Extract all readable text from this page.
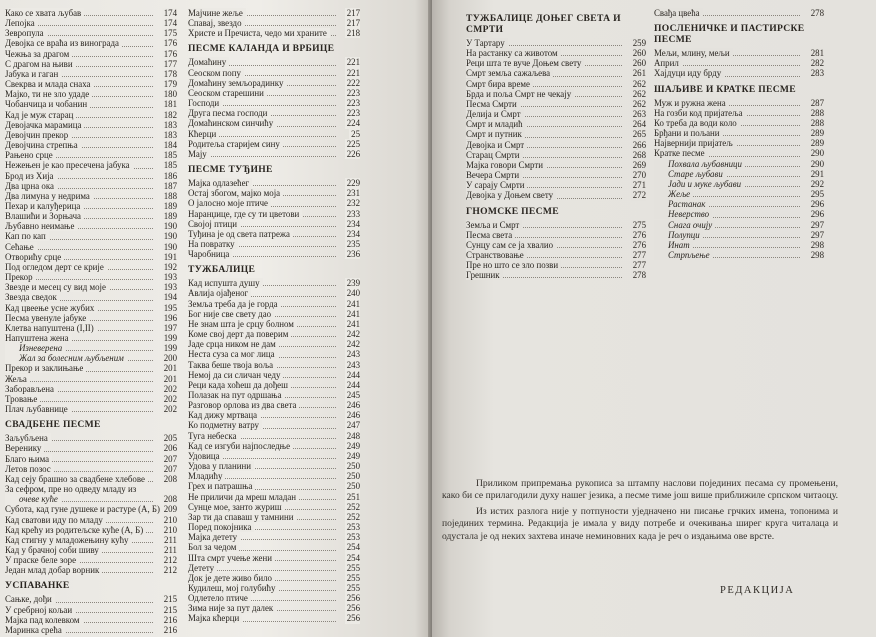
Како се хвата љубав	174
Лепојка	174
Зевропула	175
Девојка се враћа из винограда	176
Чежња за драгом	176
С драгом на њиви	177
Јабука и гаган	178
Свекрва и млада снаха	179
Мајко, ти не зло удаде	180
Чобанчица и чобанин	181
Кад је муж старац	182
Девојачка марамица	183
Девојчин прекор	183
Девојчина стрепња	184
Рањено срце	185
Нежењен је као пресечена јабука	185
Брод из Хија	186
Два црна ока	187
Два лимуна у недрима	188
Пехар и калуђерица	189
Влашићи и Зорњача	189
Љубавно неимање	190
Кап по кап	190
Сећање	190
Отворићу срце	191
Под огледом дерт се крије	192
Прекор	193
Звезде и месец су вид моје	193
Звезда сведок	194
Кад цвеење усне жубих	195
Песма увенуле јабуке	196
Клетва напуштена (I,II)	197
Напуштена жена	199
Изневерена	199
Жал за болесним љубљеним	200
Прекор и заклињање	201
Жеља	201
Заборављена	202
Тровање	202
Плач љубавнице	202
СВАДБЕНЕ ПЕСМЕ
Заљубљена	205
Веренику	206
Благо њима	207
Летов позос	207
Кад сеју брашно за свадбене хлебове 208
За сефром, пре но одведу младу из
очеве куће	208
Субота, кад гуне душеке и растуре (А, Б) 209
Кад сватови иду по младу	210
Кад крећу из родитељске куће (А, Б) 210
Кад стигну у младожењину кућу	211
Кад у брачној соби шиву	211
У праске беле зоре	212
Један млад добар ворник	212
УСПАВАНКЕ
Сањке, дођи	215
У сребрној кољаи	215
Мајка пад колевком	216
Маринка срећа	216
Мајчине жеље	217
Спавај, звездо	217
Христе и Пречиста, чедо ми храните 218
ПЕСМЕ КАЛАНДА И ВРБИЦЕ
Домаћину	221
Сеоском попу	221
Домаћину земљорадинку	222
Сеоском старешини	223
Господи	223
Друга песма господи	223
Домаћинском синчићу	224
Кћерци	25
Родитеља старијем сину	225
Мају	226
ПЕСМЕ ТУЂИНЕ
Мајка одлазећег	229
Остај збогом, мајко моја	231
О јалосно моје птиче	232
Наранџице, где су ти цветови	233
Својој птици	234
Туђина је од света патрежа	234
На повратку	235
Чаробница	236
ТУЖБАЛИЦЕ
Кад испушта душу	239
Авлија ојађеног	240
Земља треба да је горда	241
Бог није све свету дао	241
Не знам шта је срцу болном	241
Коме свој дерт да поверим	242
Јаде срца ником не дам	242
Неста суза са мог лица	243
Таква беше твоја воља	243
Немој да си сличан чеду	244
Реци када хоћеш да дођеш	244
Полазак на пут одршања	245
Разговор орлова из два света	246
Кад дижу мртваца	246
Ко подметну ватру	247
Туга небеска	248
Кад се изгуби најпоследње	249
Удовица	249
Удова у планини	250
Младићу	250
Грех и патрашња	250
Не приличи да мреш младан	251
Сунце мое, занто журиш	252
Зар ти да спаваш у тамнини	252
Поред покојника	253
Мајка детету	253
Бол за чедом	254
Шта смрт учење жени	254
Детету	255
Док је дете живо било	255
Кудилеш, мој голубићу	255
Одлетело птиче	256
Зима није за пут далек	256
Мајка кћерци	256
ТУЖБАЛИЦЕ ДОЊЕГ СВЕТА И СМРТИ
У Тартару	259
На растанку са животом	260
Реци шта те вуче Доњем свету	260
Смрт земља сажаљева	261
Смрт бира време	262
Брда и поља Смрт не чекају	262
Песма Смрти	262
Делија и Смрт	263
Смрт и младић	264
Смрт и путник	265
Девојка и Смрт	266
Старац Смрти	268
Мајка говори Смрти	269
Вечера Смрти	270
У сарају Смрти	271
Девојка у Доњем свету	272
ГНОМСКЕ ПЕСМЕ
Земља и Смрт	275
Песма света	276
Сунцу сам се ја хвалио	276
Странствовање	277
Пре но што се зло позви	277
Грешник	278
Свађа цвећа	278
ПОСЛЕНИЧКЕ И ПАСТИРСКЕ ПЕСМЕ
Мељи, млину, мељи	281
Април	282
Хајдуци иду брду	283
ШАЉИВЕ И КРАТКЕ ПЕСМЕ
Муж и ружна жена	287
На гозби код пријатеља	288
Ко треба да води коло	288
Брђани и пољани	289
Највернији пријатељ	289
Кратке песме	290
Похвала љубавници	290
Старе љубави	291
Јади и муке љубави	292
Жеље	295
Растанак	296
Неверство	296
Снага очију	297
Полупци	297
Инат	298
Стрпљење	298

Приликом припремања рукописа за штампу наслови појединих песама су промењени, како би се прилагодили духу нашег језика, а песме тиме још више приближиле српском читаоцу.

Из истих разлога није у потпуности уједначено ни писање грчких имена, топонима и појединих термина. Редакција је имала у виду потребе и очекивања ширег круга читалаца и одустала је од неких захтева иначе неминовних када је реч о издањима ове врсте.

РЕДАКЦИЈА
